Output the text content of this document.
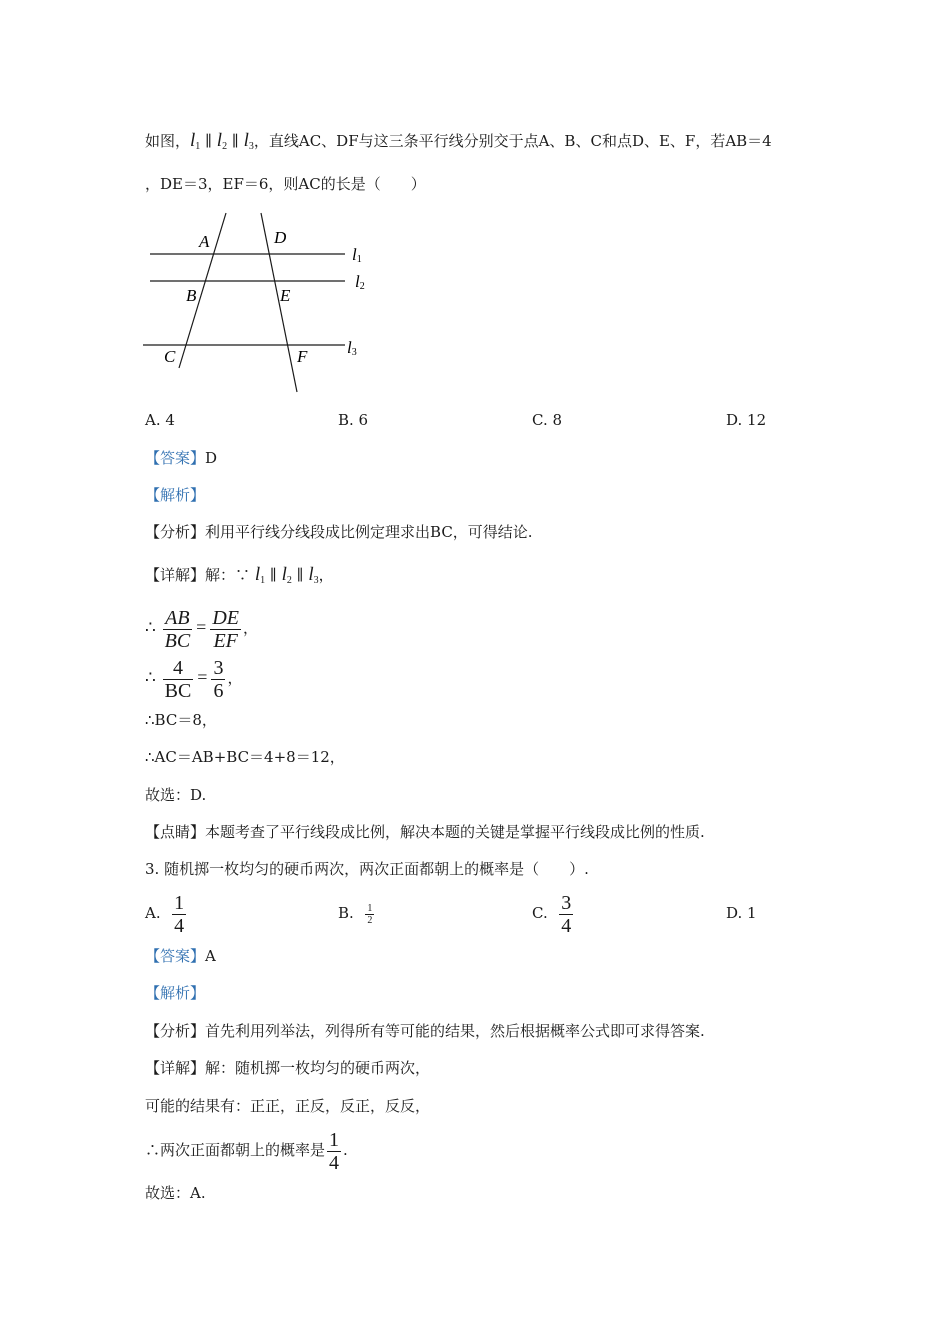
如图，$l_1$ ∥ $l_2$ ∥ $l_3$，直线AC、DF与这三条平行线分别交于点A、B、C和点D、E、F，若AB＝4
，DE＝3，EF＝6，则AC的长是（　　）
A	D
B	E
C	F
l1
l2
l3
A. 4	B. 6	C. 8	D. 12
【答案】D
【解析】
【分析】利用平行线分线段成比例定理求出BC，可得结论.
【详解】解：∵ $l_1$ ∥ $l_2$ ∥ $l_3$，
∴ $\frac{AB}{BC} = \frac{DE}{EF}$ ，
∴ $\frac{4}{BC} = \frac{3}{6}$ ，
∴BC＝8，
∴AC＝AB+BC＝4+8＝12，
故选：D.
【点睛】本题考查了平行线段成比例，解决本题的关键是掌握平行线段成比例的性质.
3. 随机掷一枚均匀的硬币两次，两次正面都朝上的概率是（　　）.
A. $\frac{1}{4}$	B. $\frac{1}{2}$	C. $\frac{3}{4}$	D. 1
【答案】A
【解析】
【分析】首先利用列举法，列得所有等可能的结果，然后根据概率公式即可求得答案.
【详解】解：随机掷一枚均匀的硬币两次，
可能的结果有：正正，正反，反正，反反，
∴两次正面都朝上的概率是 $\frac{1}{4}$ .
故选：A.
